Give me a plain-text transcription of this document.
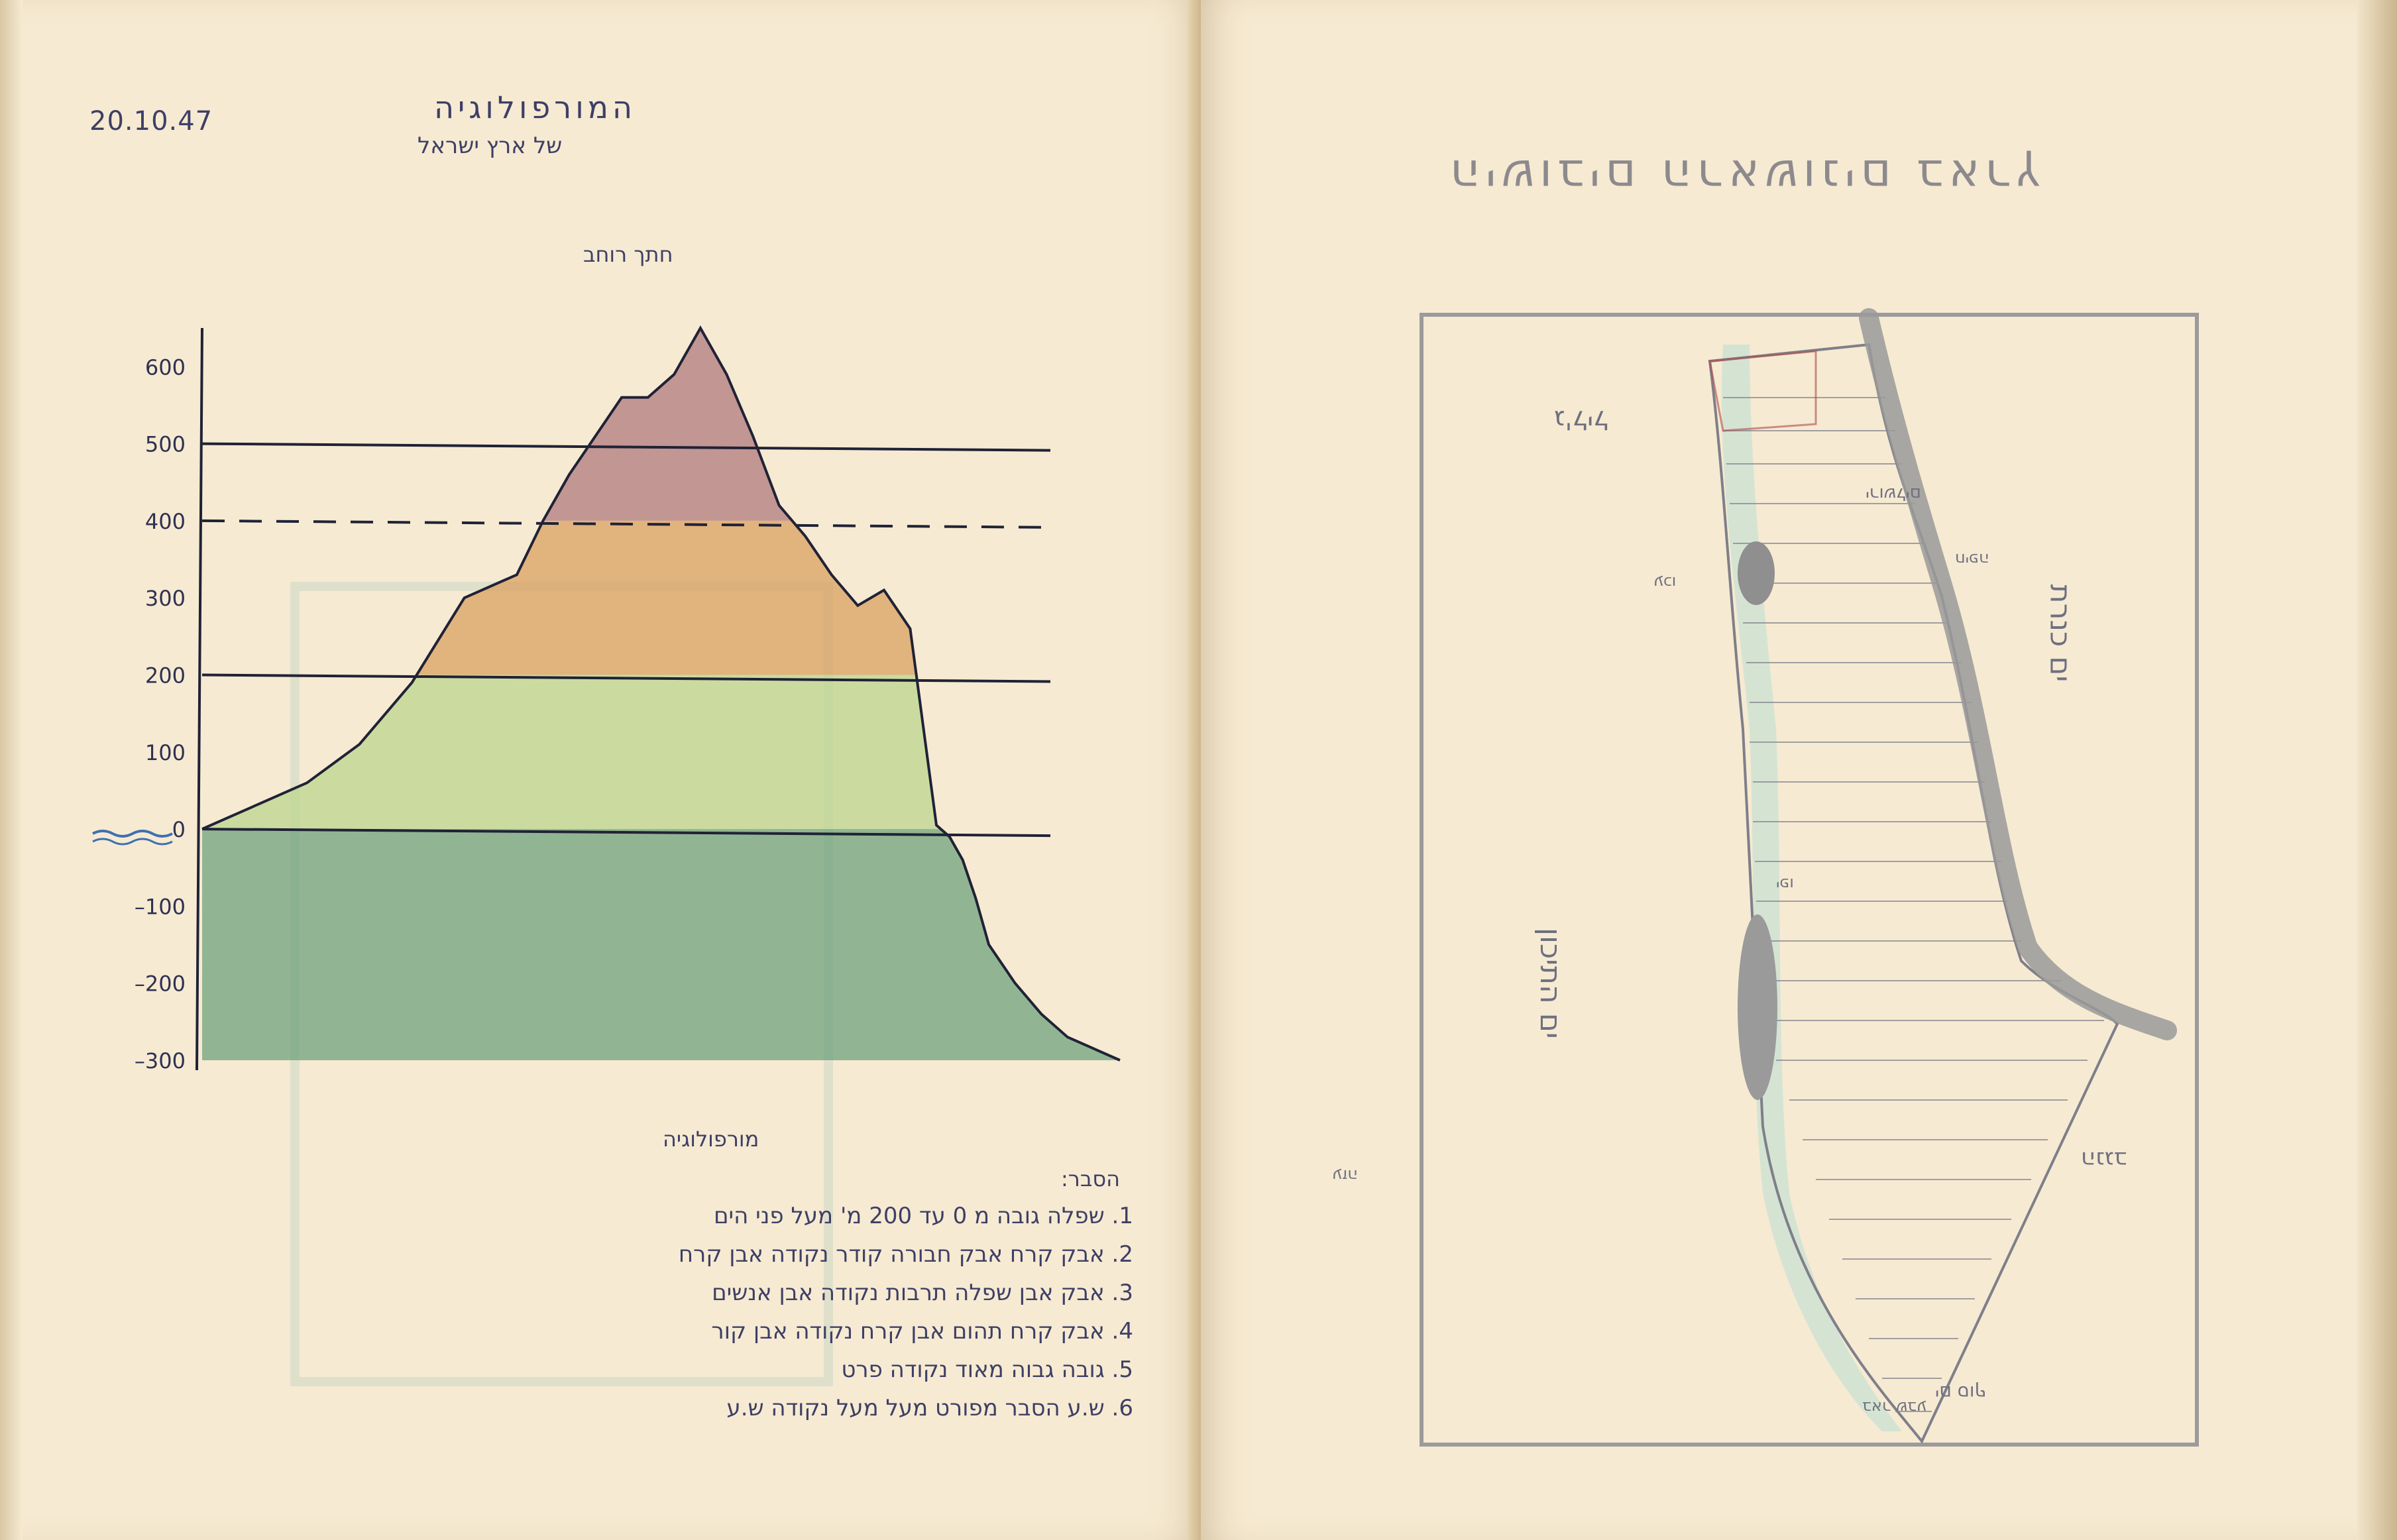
600
500
400
300
200
100
0
–100
–200
–300
20.10.47	המורפולוגיה
של ארץ ישראל
חתך רוחב
מורפולוגיה
הסבר:
1. שפלה גובה מ 0 עד 200 מ' מעל פני הים
2. אבק קרח אבק חבורה קודר נקודה אבן קרח
3. אבק אבן שפלה תרבות נקודה אבן אנשים
4. אבק קרח תהום אבן קרח נקודה אבן קור
5. גובה גבוה מאוד נקודה פרט
6. ש.ע הסבר מפורט מעל מעל נקודה ש.ע
הישובים הראשונים בארץ
ג'ליל
ים כנרת
ים התיכון
הנגב
ים סוף
ירושלים
עכו
חיפה
יפו
עזה
באר שבע
